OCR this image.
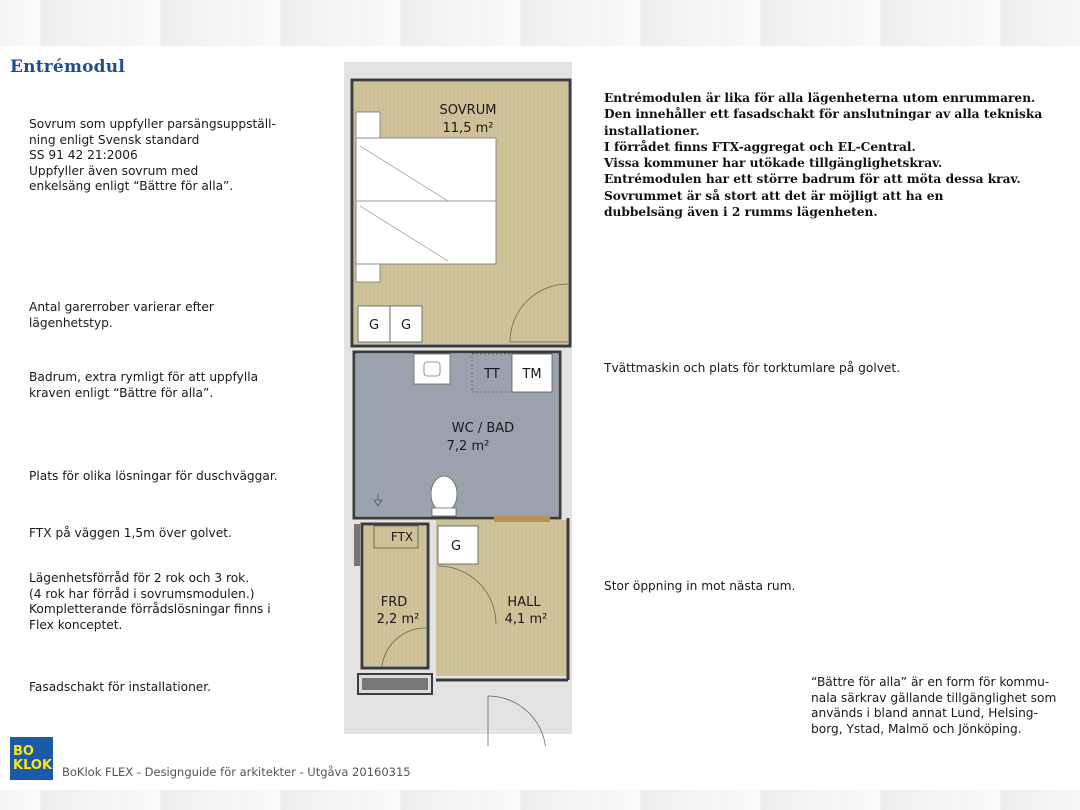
Entrémodul
Sovrum som uppfyller parsängsuppställ-
ning enligt Svensk standard
SS 91 42 21:2006
Uppfyller även sovrum med
enkelsäng enligt “Bättre för alla”.
Antal garerrober varierar efter
lägenhetstyp.
Badrum, extra rymligt för att uppfylla
kraven enligt “Bättre för alla”.
Plats för olika lösningar för duschväggar.
FTX på väggen 1,5m över golvet.
Lägenhetsförråd för 2 rok och 3 rok.
(4 rok har förråd i sovrumsmodulen.)
Kompletterande förrådslösningar finns i
Flex konceptet.
Fasadschakt för installationer.
Entrémodulen är lika för alla lägenheterna utom enrummaren.
Den innehåller ett fasadschakt för anslutningar av alla tekniska
installationer.
I förrådet finns FTX-aggregat och EL-Central.
Vissa kommuner har utökade tillgänglighetskrav.
Entrémodulen har ett större badrum för att möta dessa krav.
Sovrummet är så stort att det är möjligt att ha en
dubbelsäng även i 2 rumms lägenheten.
Tvättmaskin och plats för torktumlare på golvet.
Stor öppning in mot nästa rum.
“Bättre för alla” är en form för kommu-
nala särkrav gällande tillgänglighet som
används i bland annat Lund, Helsing-
borg, Ystad, Malmö och Jönköping.
SOVRUM
11,5 m²
G G
TT TM
WC / BAD
7,2 m²
FTX
FRD
2,2 m²
G
HALL
4,1 m²
BO
KLOK BoKlok FLEX - Designguide för arkitekter - Utgåva 20160315
